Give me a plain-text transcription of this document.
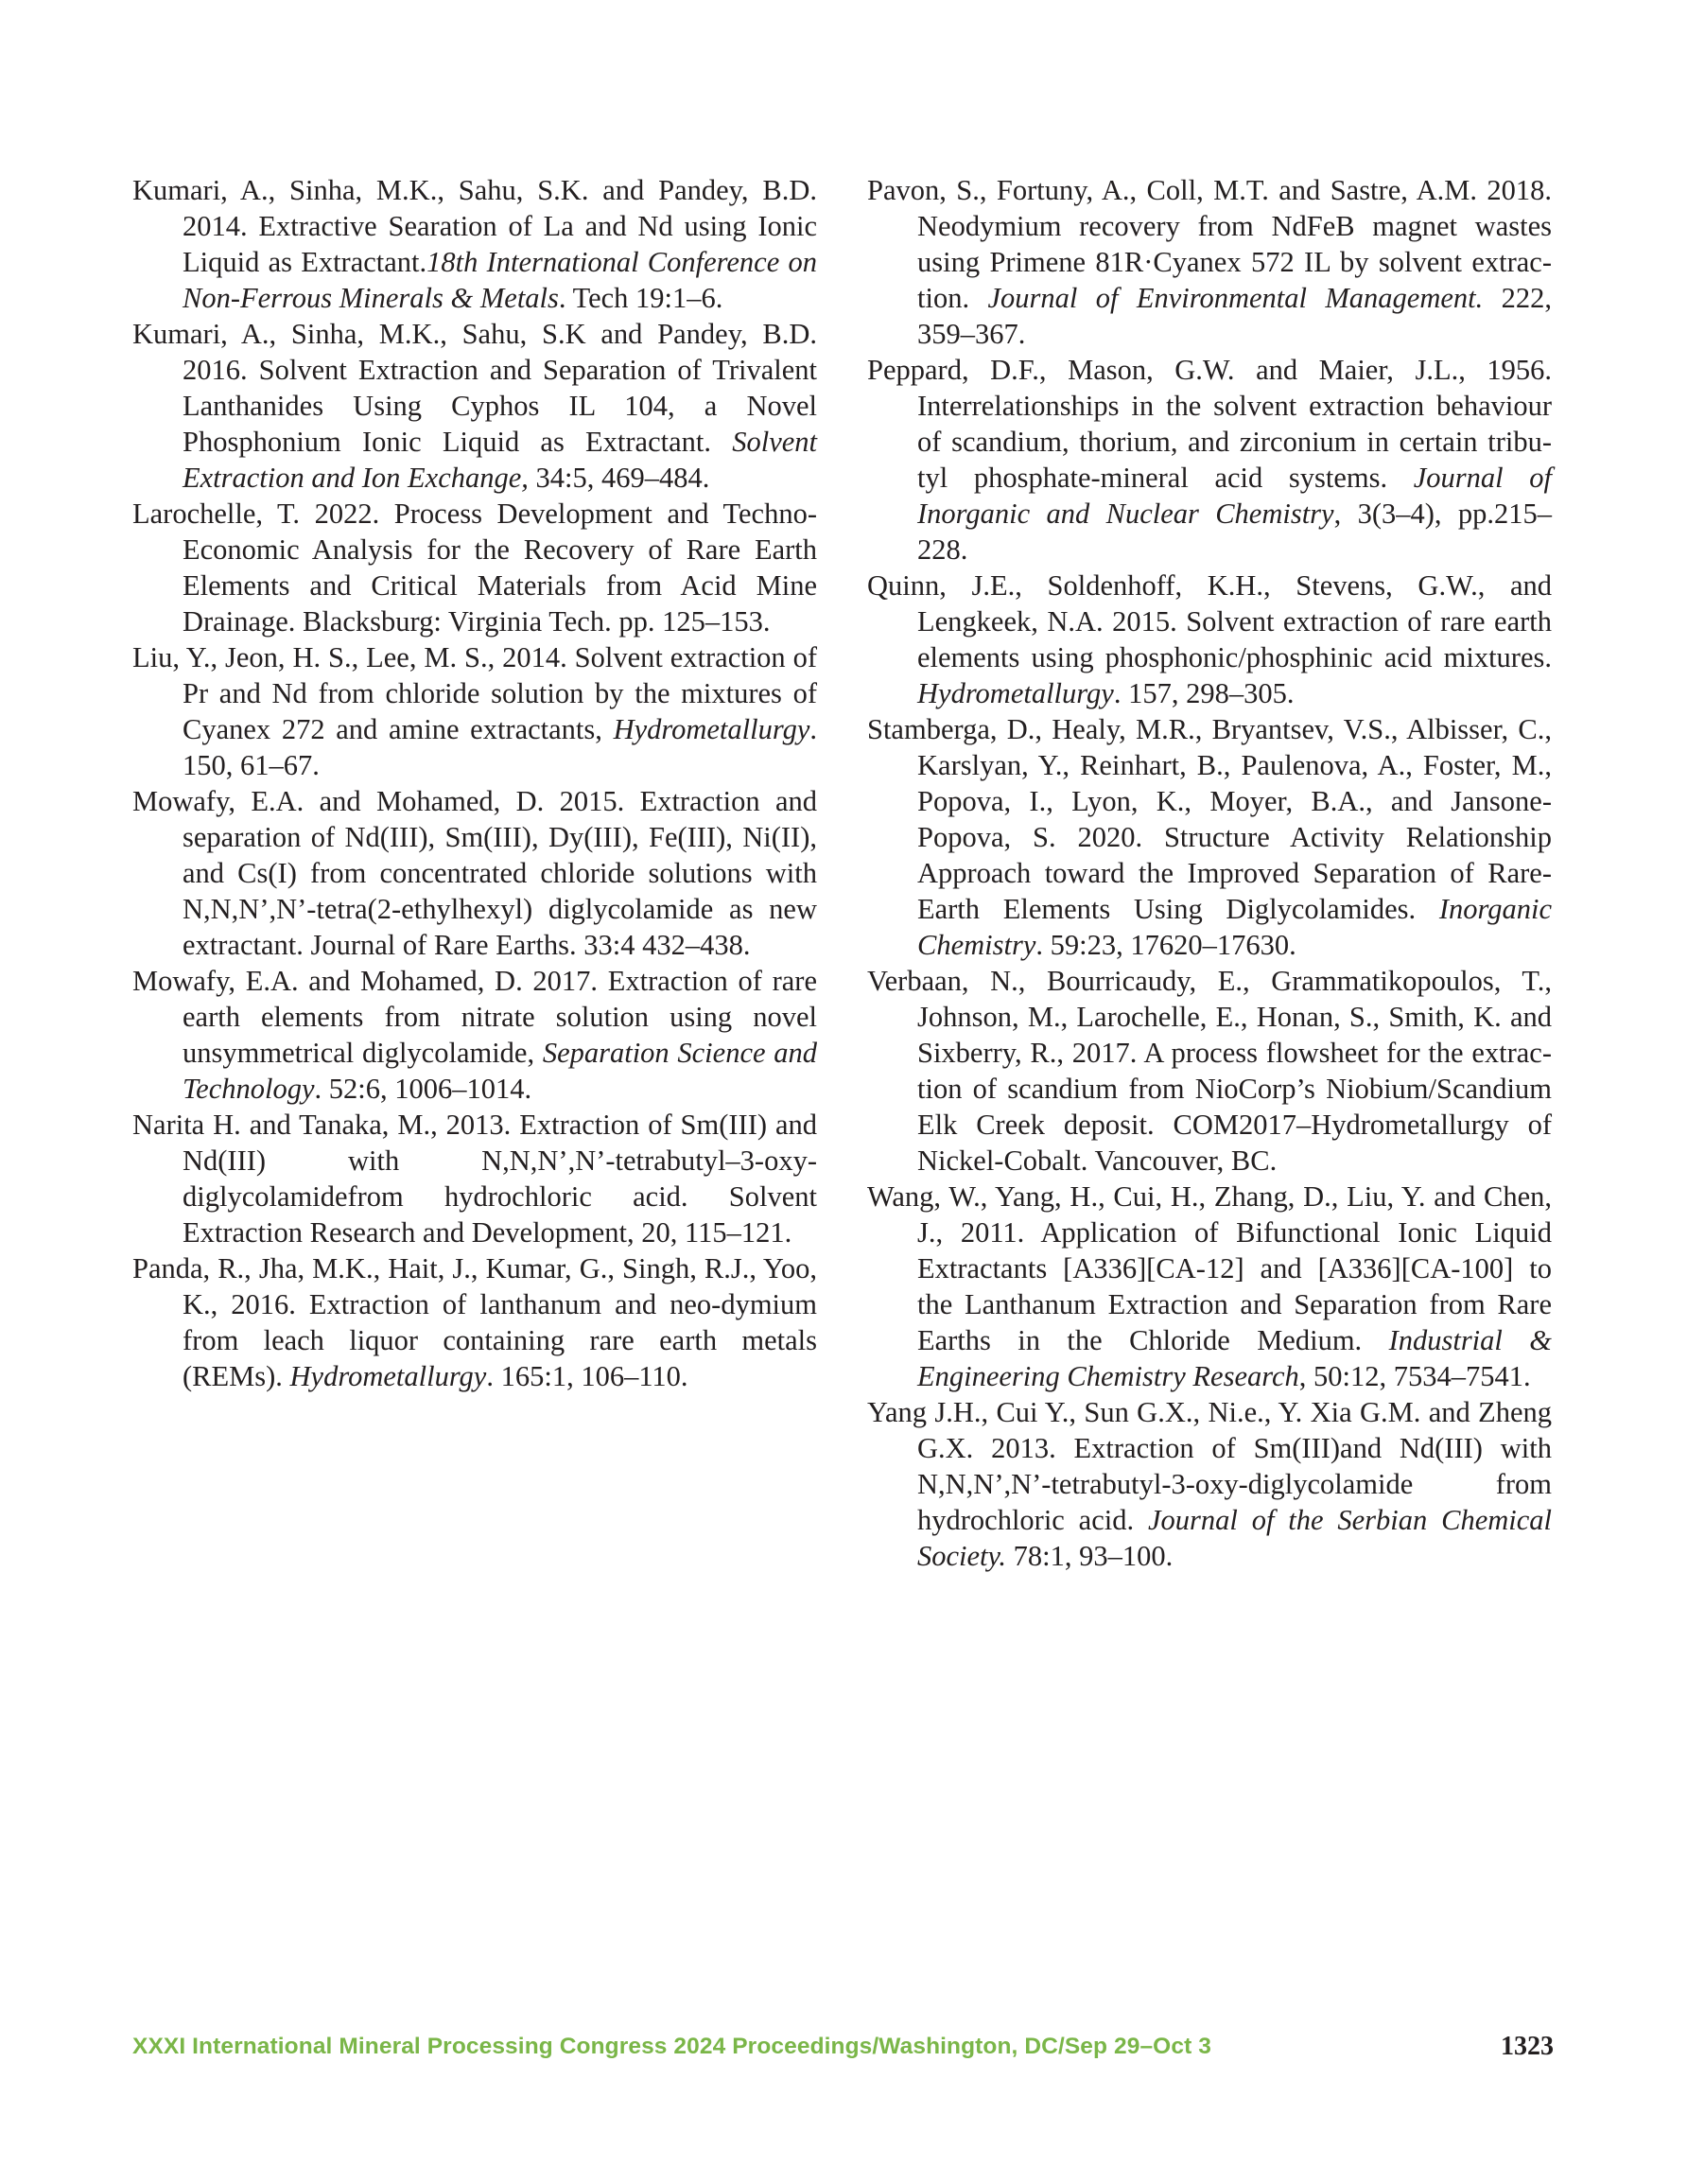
Kumari, A., Sinha, M.K., Sahu, S.K. and Pandey, B.D. 2014. Extractive Searation of La and Nd using Ionic Liquid as Extractant.18th International Conference on Non-Ferrous Minerals & Metals. Tech 19:1–6.

Kumari, A., Sinha, M.K., Sahu, S.K and Pandey, B.D. 2016. Solvent Extraction and Separation of Trivalent Lanthanides Using Cyphos IL 104, a Novel Phosphonium Ionic Liquid as Extractant. Solvent Extraction and Ion Exchange, 34:5, 469–484.

Larochelle, T. 2022. Process Development and Techno-Economic Analysis for the Recovery of Rare Earth Elements and Critical Materials from Acid Mine Drainage. Blacksburg: Virginia Tech. pp. 125–153.

Liu, Y., Jeon, H. S., Lee, M. S., 2014. Solvent extraction of Pr and Nd from chloride solution by the mixtures of Cyanex 272 and amine extractants, Hydrometallurgy. 150, 61–67.

Mowafy, E.A. and Mohamed, D. 2015. Extraction and separation of Nd(III), Sm(III), Dy(III), Fe(III), Ni(II), and Cs(I) from concentrated chloride solutions with N,N,N’,N’-tetra(2-ethylhexyl) diglycolamide as new extractant. Journal of Rare Earths. 33:4 432–438.

Mowafy, E.A. and Mohamed, D. 2017. Extraction of rare earth elements from nitrate solution using novel unsymmetrical diglycolamide, Separation Science and Technology. 52:6, 1006–1014.

Narita H. and Tanaka, M., 2013. Extraction of Sm(III) and Nd(III) with N,N,N’,N’-tetrabutyl–3-oxy-diglycolamidefrom hydrochloric acid. Solvent Extraction Research and Development, 20, 115–121.

Panda, R., Jha, M.K., Hait, J., Kumar, G., Singh, R.J., Yoo, K., 2016. Extraction of lanthanum and neo-dymium from leach liquor containing rare earth metals (REMs). Hydrometallurgy. 165:1, 106–110.

Pavon, S., Fortuny, A., Coll, M.T. and Sastre, A.M. 2018. Neodymium recovery from NdFeB magnet wastes using Primene 81R·Cyanex 572 IL by solvent extrac-tion. Journal of Environmental Management. 222, 359–367.

Peppard, D.F., Mason, G.W. and Maier, J.L., 1956. Interrelationships in the solvent extraction behaviour of scandium, thorium, and zirconium in certain tribu-tyl phosphate-mineral acid systems. Journal of Inorganic and Nuclear Chemistry, 3(3–4), pp.215–228.

Quinn, J.E., Soldenhoff, K.H., Stevens, G.W., and Lengkeek, N.A. 2015. Solvent extraction of rare earth elements using phosphonic/phosphinic acid mixtures. Hydrometallurgy. 157, 298–305.

Stamberga, D., Healy, M.R., Bryantsev, V.S., Albisser, C., Karslyan, Y., Reinhart, B., Paulenova, A., Foster, M., Popova, I., Lyon, K., Moyer, B.A., and Jansone-Popova, S. 2020. Structure Activity Relationship Approach toward the Improved Separation of Rare-Earth Elements Using Diglycolamides. Inorganic Chemistry. 59:23, 17620–17630.

Verbaan, N., Bourricaudy, E., Grammatikopoulos, T., Johnson, M., Larochelle, E., Honan, S., Smith, K. and Sixberry, R., 2017. A process flowsheet for the extrac-tion of scandium from NioCorp’s Niobium/Scandium Elk Creek deposit. COM2017–Hydrometallurgy of Nickel-Cobalt. Vancouver, BC.

Wang, W., Yang, H., Cui, H., Zhang, D., Liu, Y. and Chen, J., 2011. Application of Bifunctional Ionic Liquid Extractants [A336][CA-12] and [A336][CA-100] to the Lanthanum Extraction and Separation from Rare Earths in the Chloride Medium. Industrial & Engineering Chemistry Research, 50:12, 7534–7541.

Yang J.H., Cui Y., Sun G.X., Ni.e., Y. Xia G.M. and Zheng G.X. 2013. Extraction of Sm(III)and Nd(III) with N,N,N’,N’-tetrabutyl-3-oxy-diglycolamide from hydrochloric acid. Journal of the Serbian Chemical Society. 78:1, 93–100.

XXXI International Mineral Processing Congress 2024 Proceedings/Washington, DC/Sep 29–Oct 3	1323
